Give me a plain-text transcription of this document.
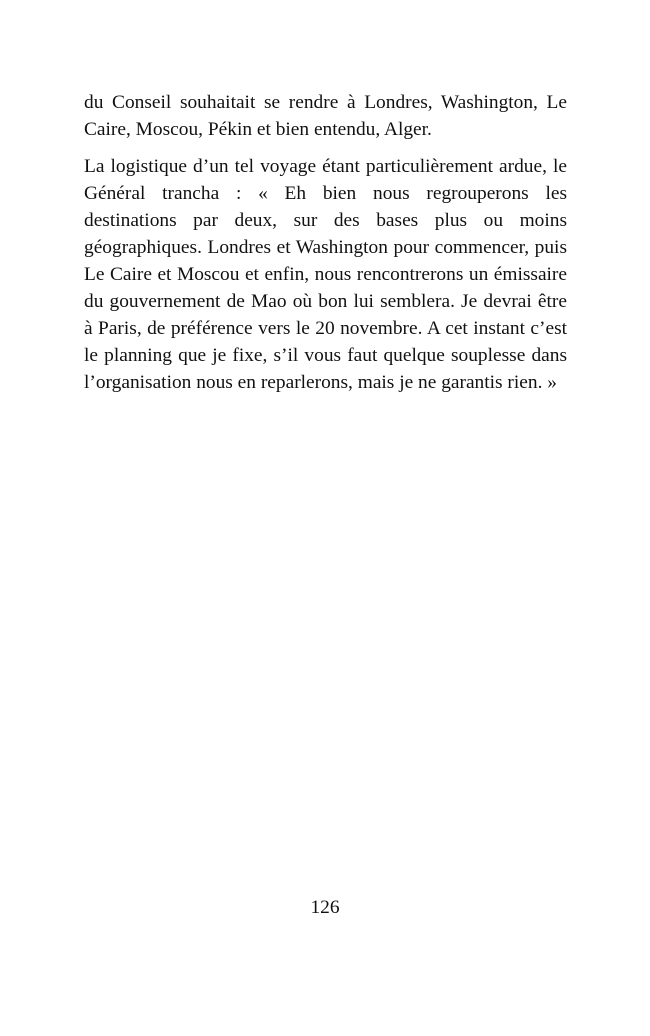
du Conseil souhaitait se rendre à Londres, Washington, Le Caire, Moscou, Pékin et bien entendu, Alger.

La logistique d’un tel voyage étant particulièrement ardue, le Général trancha : « Eh bien nous regrouperons les destinations par deux, sur des bases plus ou moins géographiques. Londres et Washington pour commencer, puis Le Caire et Moscou et enfin, nous rencontrerons un émissaire du gouvernement de Mao où bon lui semblera. Je devrai être à Paris, de préférence vers le 20 novembre. A cet instant c’est le planning que je fixe, s’il vous faut quelque souplesse dans l’organisation nous en reparlerons, mais je ne garantis rien. »

126
